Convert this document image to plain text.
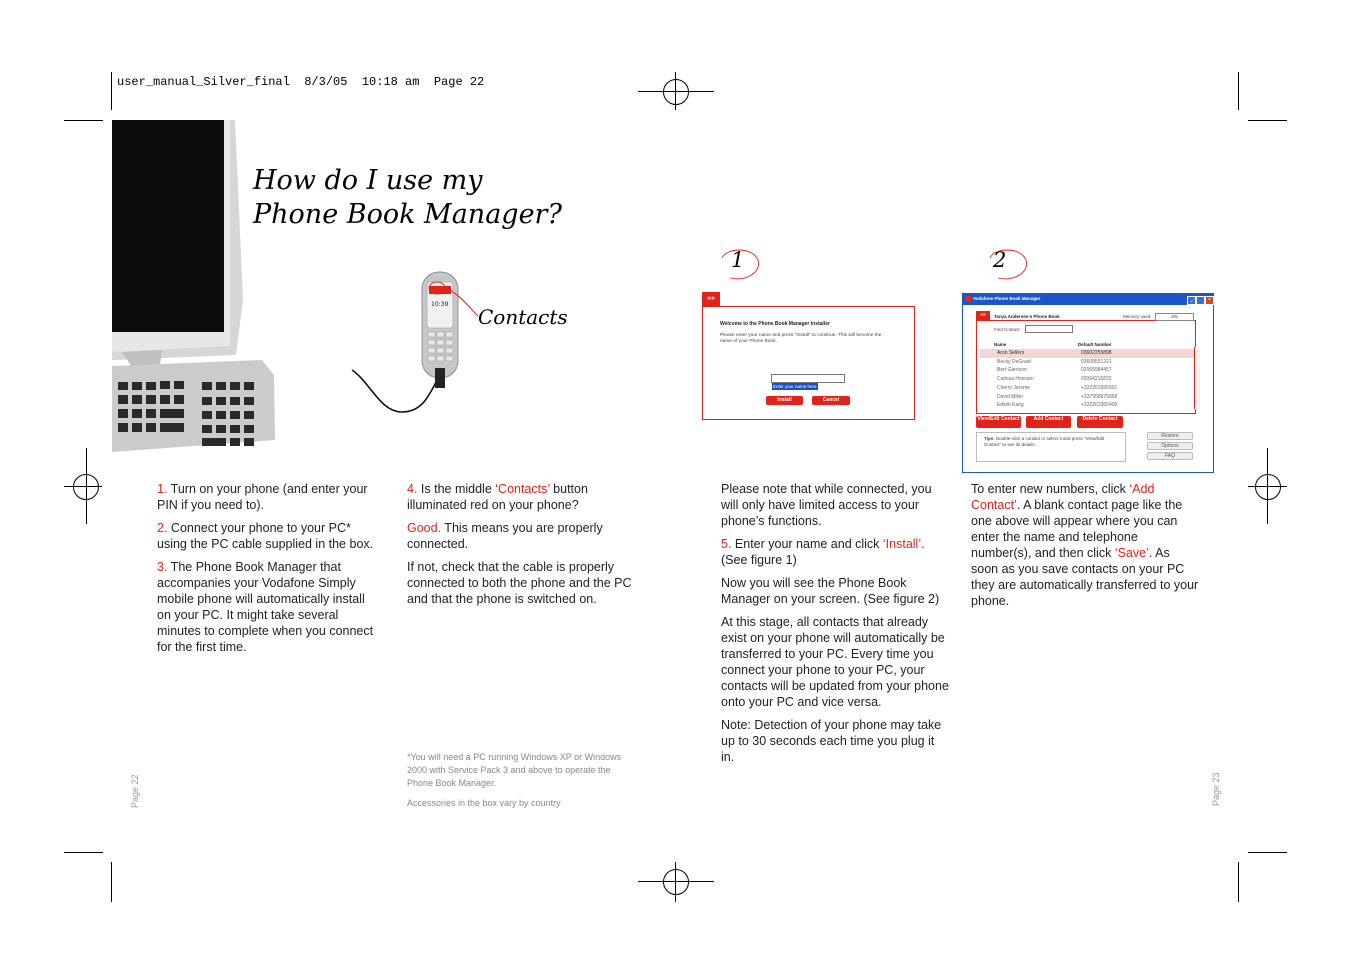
user_manual_Silver_final  8/3/05  10:18 am  Page 22
10:39
How do I use my
Phone Book Manager?
Contacts
1	2
»»
Welcome to the Phone Book Manager Installer
Please enter your name and press "Install" to continue. This will become the name of your Phone Book.
Enter your name here
Install	Cancel
Vodafone Phone Book Manager	_	×
»»	Tanya Andersen's Phone Book	Memory used:	2%
Find Contact:
Name	Default Number
Aron Sellers	03602255898
Becky DeGraaf	03608551221
Bert Garrison	02065984457
Carissa Hossam	02064215832
Cherry Jerome	+332263365501
David Miller	+337958975858
Edwin Kang	+332263365405
View/Edit Contact	Add Contact	Delete Contact
Tips: Double-click a contact or select it and press "View/Edit Contact" to see its details.
Restore
Options
FAQ

1. Turn on your phone (and enter your PIN if you need to).

2. Connect your phone to your PC* using the PC cable supplied in the box.

3. The Phone Book Manager that accompanies your Vodafone Simply mobile phone will automatically install on your PC. It might take several minutes to complete when you connect for the first time.

4. Is the middle ‘Contacts’ button illuminated red on your phone?

Good. This means you are properly connected.

If not, check that the cable is properly connected to both the phone and the PC and that the phone is switched on.

*You will need a PC running Windows XP or Windows 2000 with Service Pack 3 and above to operate the Phone Book Manager.

Accessories in the box vary by country

Please note that while connected, you will only have limited access to your phone’s functions.

5. Enter your name and click ‘Install’. (See figure 1)

Now you will see the Phone Book Manager on your screen. (See figure 2)

At this stage, all contacts that already exist on your phone will automatically be transferred to your PC. Every time you connect your phone to your PC, your contacts will be updated from your phone onto your PC and vice versa.

Note: Detection of your phone may take up to 30 seconds each time you plug it in.

To enter new numbers, click ‘Add Contact’. A blank contact page like the one above will appear where you can enter the name and telephone number(s), and then click ‘Save’. As soon as you save contacts on your PC they are automatically transferred to your phone.

Page 22	Page 23
